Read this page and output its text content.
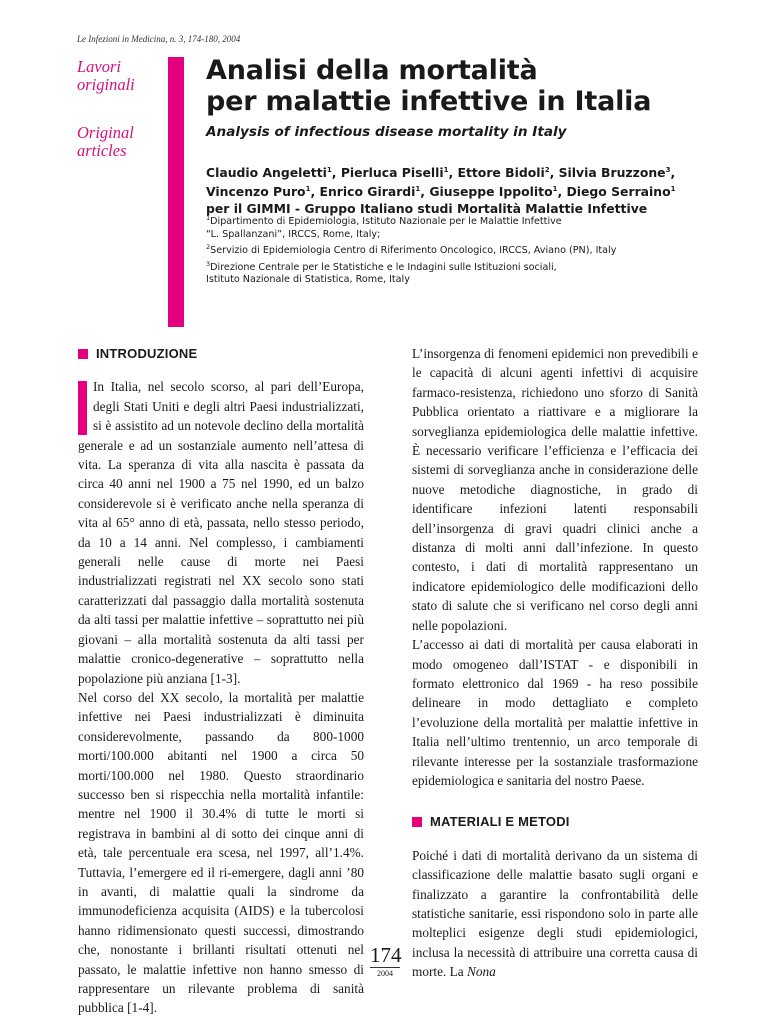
Le Infezioni in Medicina, n. 3, 174-180, 2004
Lavori originali
Original articles
Analisi della mortalità
per malattie infettive in Italia
Analysis of infectious disease mortality in Italy
Claudio Angeletti$^1$, Pierluca Piselli$^1$, Ettore Bidoli$^2$, Silvia Bruzzone$^3$,
Vincenzo Puro$^1$, Enrico Girardi$^1$, Giuseppe Ippolito$^1$, Diego Serraino$^1$
per il GIMMI - Gruppo Italiano studi Mortalità Malattie Infettive
$^1$Dipartimento di Epidemiologia, Istituto Nazionale per le Malattie Infettive
“L. Spallanzani”, IRCCS, Rome, Italy;
$^2$Servizio di Epidemiologia Centro di Riferimento Oncologico, IRCCS, Aviano (PN), Italy
$^3$Direzione Centrale per le Statistiche e le Indagini sulle Istituzioni sociali,
Istituto Nazionale di Statistica, Rome, Italy
INTRODUZIONE

In Italia, nel secolo scorso, al pari dell’Europa, degli Stati Uniti e degli altri Paesi industrializzati, si è assistito ad un notevole declino della mortalità generale e ad un sostanziale aumento nell’attesa di vita. La speranza di vita alla nascita è passata da circa 40 anni nel 1900 a 75 nel 1990, ed un balzo considerevole si è verificato anche nella speranza di vita al 65° anno di età, passata, nello stesso periodo, da 10 a 14 anni. Nel complesso, i cambiamenti generali nelle cause di morte nei Paesi industrializzati registrati nel XX secolo sono stati caratterizzati dal passaggio dalla mortalità sostenuta da alti tassi per malattie infettive – soprattutto nei più giovani – alla mortalità sostenuta da alti tassi per malattie cronico-degenerative – soprattutto nella popolazione più anziana [1-3].

Nel corso del XX secolo, la mortalità per malattie infettive nei Paesi industrializzati è diminuita considerevolmente, passando da 800-1000 morti/100.000 abitanti nel 1900 a circa 50 morti/100.000 nel 1980. Questo straordinario successo ben si rispecchia nella mortalità infantile: mentre nel 1900 il 30.4% di tutte le morti si registrava in bambini al di sotto dei cinque anni di età, tale percentuale era scesa, nel 1997, all’1.4%. Tuttavia, l’emergere ed il ri-emergere, dagli anni ’80 in avanti, di malattie quali la sindrome da immunodeficienza acquisita (AIDS) e la tubercolosi hanno ridimensionato questi successi, dimostrando che, nonostante i brillanti risultati ottenuti nel passato, le malattie infettive non hanno smesso di rappresentare un rilevante problema di sanità pubblica [1-4].

L’insorgenza di fenomeni epidemici non prevedibili e le capacità di alcuni agenti infettivi di acquisire farmaco-resistenza, richiedono uno sforzo di Sanità Pubblica orientato a riattivare e a migliorare la sorveglianza epidemiologica delle malattie infettive. È necessario verificare l’efficienza e l’efficacia dei sistemi di sorveglianza anche in considerazione delle nuove metodiche diagnostiche, in grado di identificare infezioni latenti responsabili dell’insorgenza di gravi quadri clinici anche a distanza di molti anni dall’infezione. In questo contesto, i dati di mortalità rappresentano un indicatore epidemiologico delle modificazioni dello stato di salute che si verificano nel corso degli anni nelle popolazioni.

L’accesso ai dati di mortalità per causa elaborati in modo omogeneo dall’ISTAT - e disponibili in formato elettronico dal 1969 - ha reso possibile delineare in modo dettagliato e completo l’evoluzione della mortalità per malattie infettive in Italia nell’ultimo trentennio, un arco temporale di rilevante interesse per la sostanziale trasformazione epidemiologica e sanitaria del nostro Paese.

MATERIALI E METODI

Poiché i dati di mortalità derivano da un sistema di classificazione delle malattie basato sugli organi e finalizzato a garantire la confrontabilità delle statistiche sanitarie, essi rispondono solo in parte alle molteplici esigenze degli studi epidemiologici, inclusa la necessità di attribuire una corretta causa di morte. La Nona

174
2004
